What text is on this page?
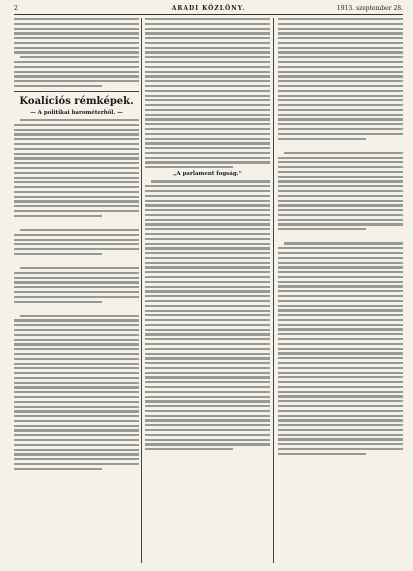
2	ARADI KÖZLÖNY.	1913. szeptember 28.
Koalíciós rémképek.
— A politikai barométerből. —

„A parlament fogság.”
